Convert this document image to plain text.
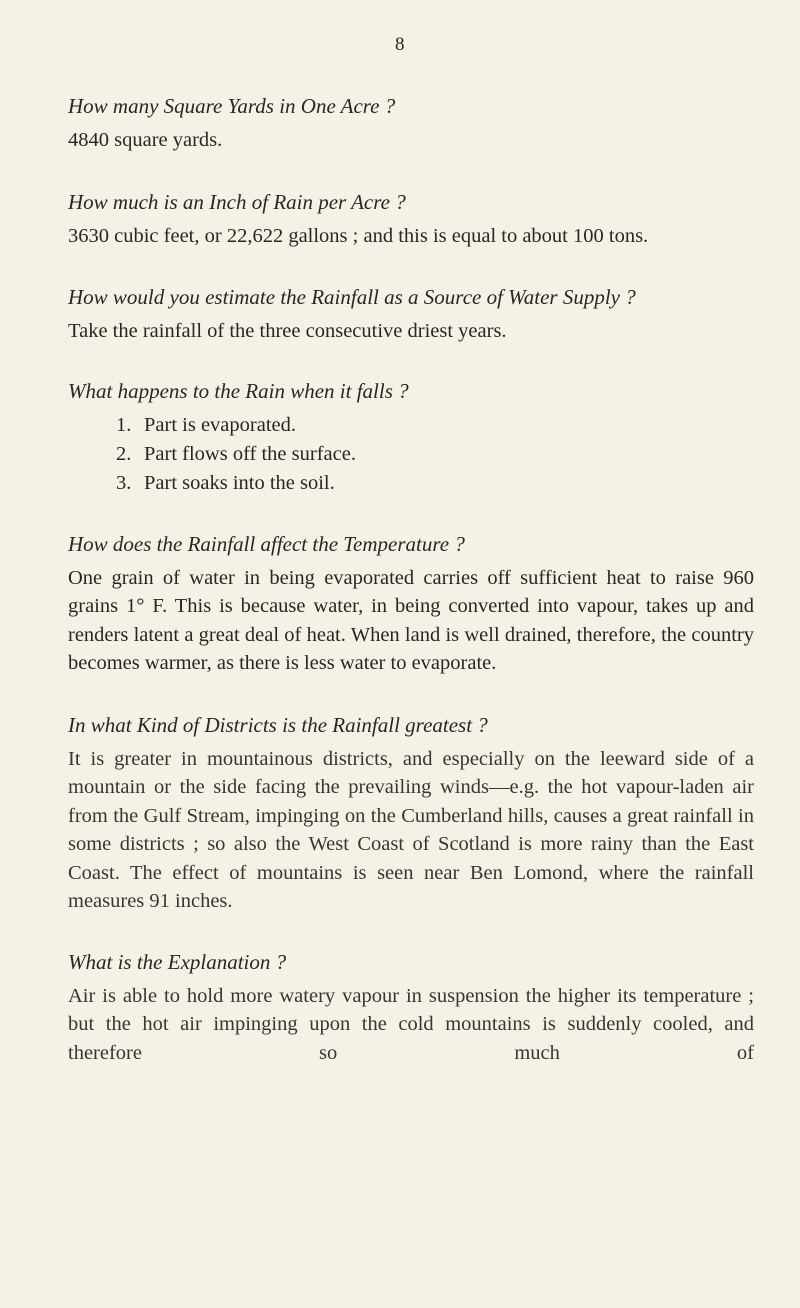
8

How many Square Yards in One Acre ?

4840 square yards.

How much is an Inch of Rain per Acre ?

3630 cubic feet, or 22,622 gallons ; and this is equal to about 100 tons.

How would you estimate the Rainfall as a Source of Water Supply ?

Take the rainfall of the three consecutive driest years.

What happens to the Rain when it falls ?

1. Part is evaporated.
2. Part flows off the surface.
3. Part soaks into the soil.

How does the Rainfall affect the Temperature ?

One grain of water in being evaporated carries off sufficient heat to raise 960 grains 1° F. This is because water, in being converted into vapour, takes up and renders latent a great deal of heat. When land is well drained, therefore, the country becomes warmer, as there is less water to evaporate.

In what Kind of Districts is the Rainfall greatest ?

It is greater in mountainous districts, and especially on the leeward side of a mountain or the side facing the prevailing winds—e.g. the hot vapour-laden air from the Gulf Stream, impinging on the Cumberland hills, causes a great rainfall in some districts ; so also the West Coast of Scotland is more rainy than the East Coast. The effect of mountains is seen near Ben Lomond, where the rainfall measures 91 inches.

What is the Explanation ?

Air is able to hold more watery vapour in suspension the higher its temperature ; but the hot air impinging upon the cold mountains is suddenly cooled, and therefore so much of
